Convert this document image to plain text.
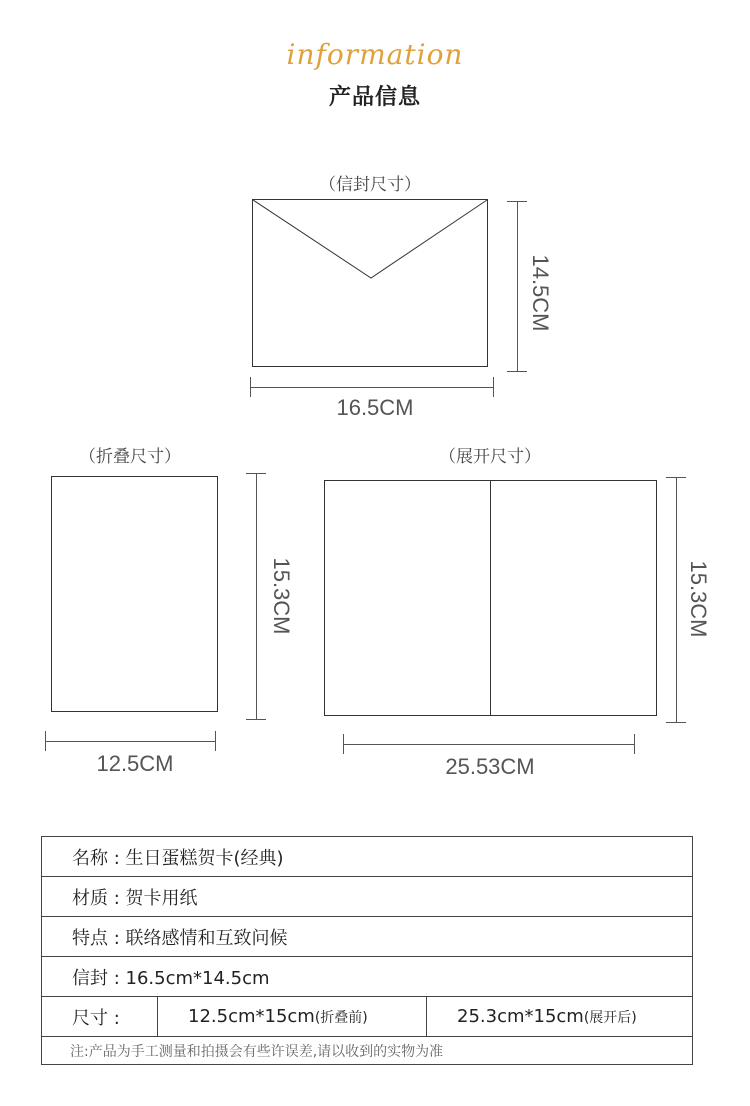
information
产品信息
（信封尺寸）
14.5CM
16.5CM
（折叠尺寸）
15.3CM
12.5CM
（展开尺寸）
15.3CM
25.53CM
名称 : 生日蛋糕贺卡(经典)
材质 : 贺卡用纸
特点 : 联络感情和互致问候
信封 : 16.5cm*14.5cm
尺寸 :	12.5cm*15cm(折叠前)	25.3cm*15cm(展开后)
注:产品为手工测量和拍摄会有些许误差,请以收到的实物为准
